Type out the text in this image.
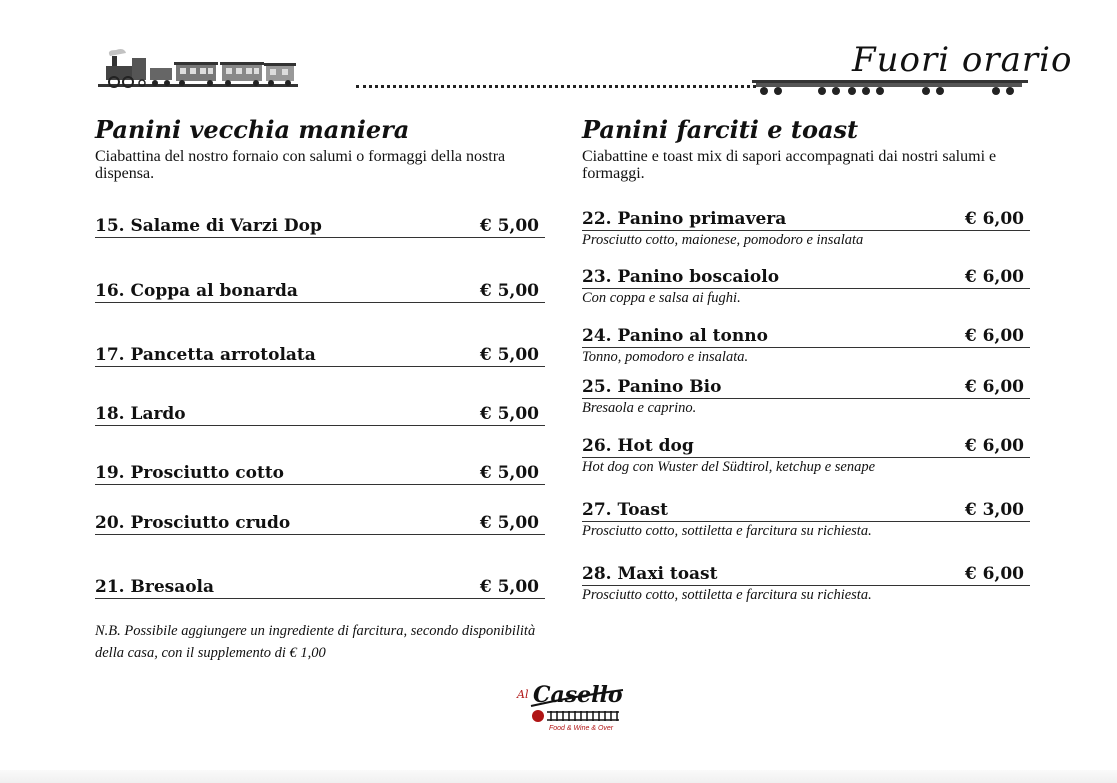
Fuori orario
Panini vecchia maniera
Ciabattina del nostro fornaio con salumi o formaggi della nostra dispensa.
15. Salame di Varzi Dop	€ 5,00
16. Coppa al bonarda	€ 5,00
17. Pancetta arrotolata	€ 5,00
18. Lardo	€ 5,00
19. Prosciutto cotto	€ 5,00
20. Prosciutto crudo	€ 5,00
21. Bresaola	€ 5,00
N.B. Possibile aggiungere un ingrediente di farcitura, secondo disponibilità della casa, con il supplemento di € 1,00
Panini farciti e toast
Ciabattine e toast mix di sapori accompagnati dai nostri salumi e formaggi.
22. Panino primavera	€ 6,00
Prosciutto cotto, maionese, pomodoro e insalata
23. Panino boscaiolo	€ 6,00
Con coppa e salsa ai fughi.
24. Panino al tonno	€ 6,00
Tonno, pomodoro e insalata.
25. Panino Bio	€ 6,00
Bresaola e caprino.
26. Hot dog	€ 6,00
Hot dog con Wuster del Südtirol, ketchup e senape
27. Toast	€ 3,00
Prosciutto cotto, sottiletta e farcitura su richiesta.
28. Maxi toast	€ 6,00
Prosciutto cotto, sottiletta e farcitura su richiesta.
Al Casello
Food & Wine & Over
